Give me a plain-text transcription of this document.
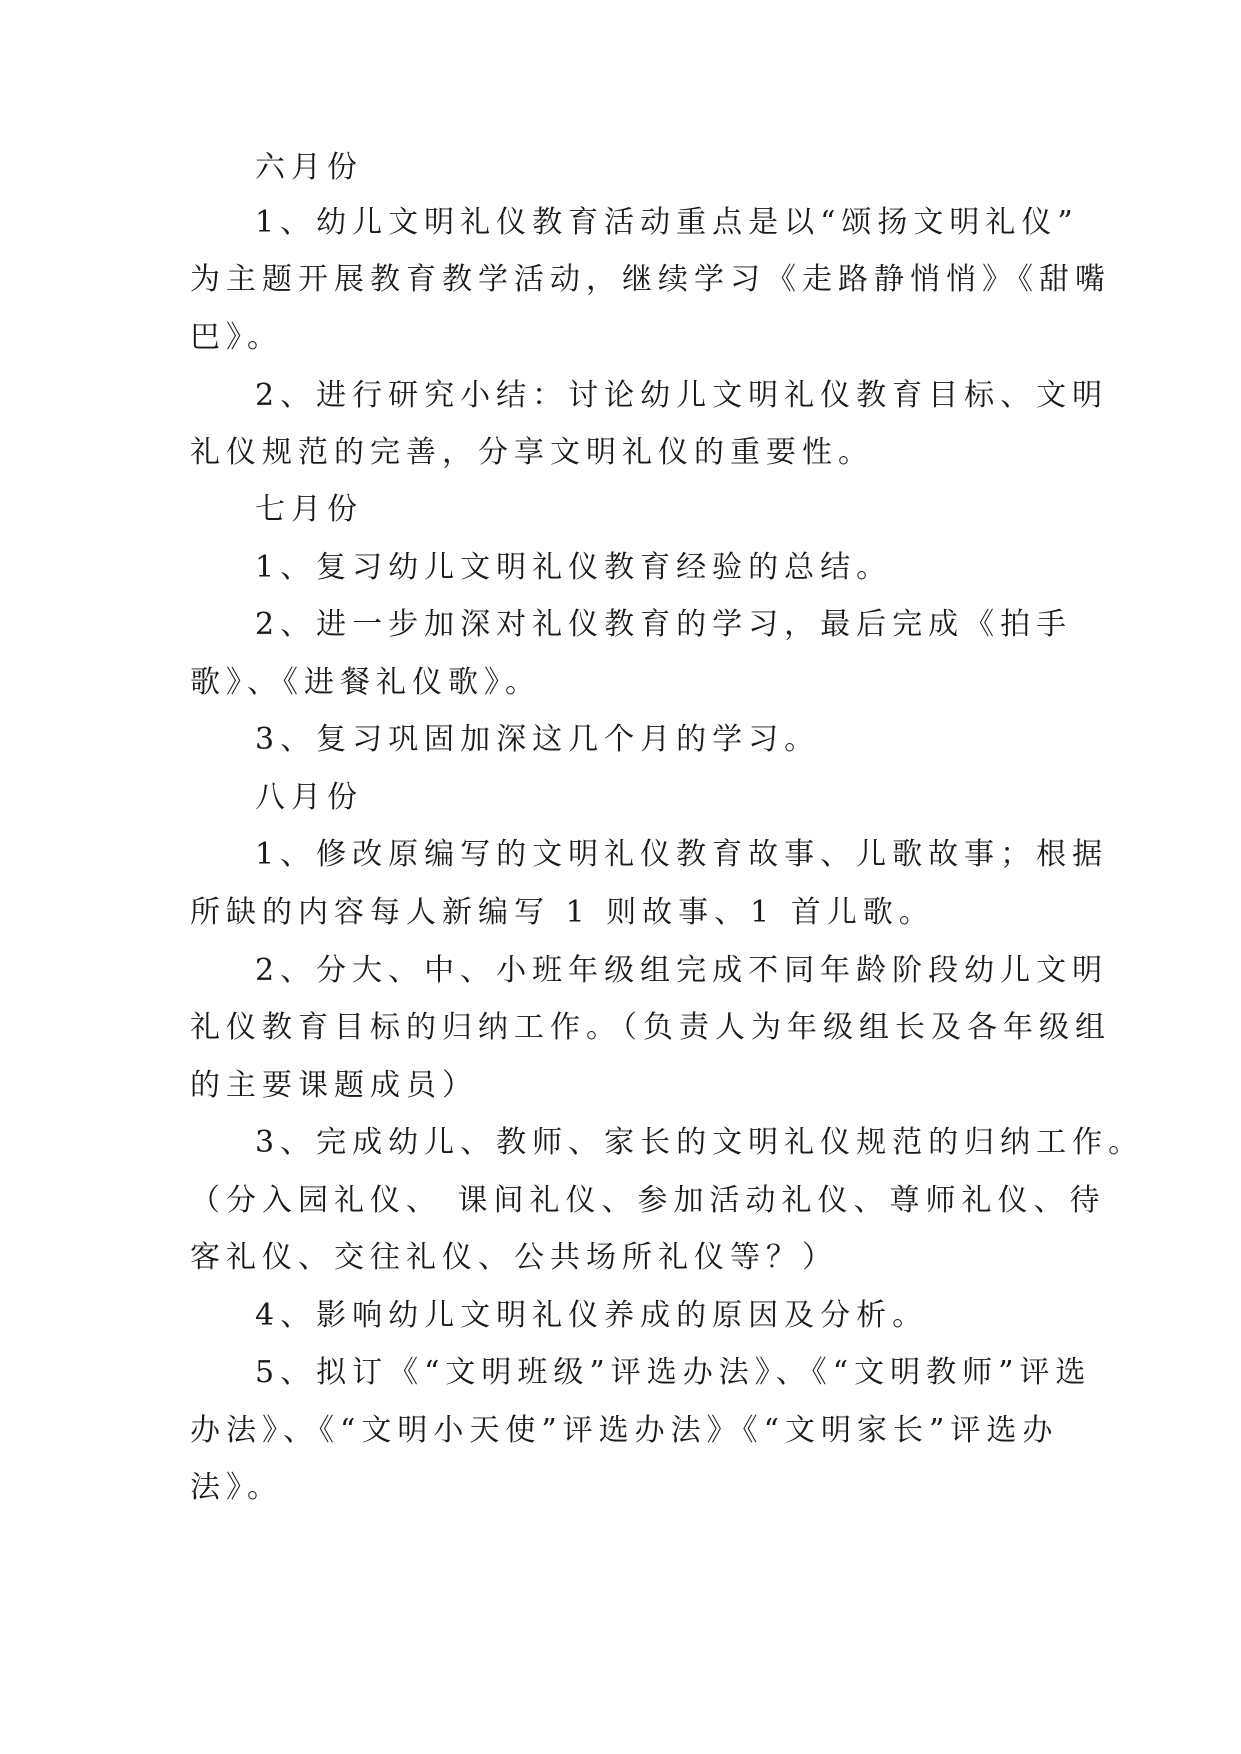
六月份
1、幼儿文明礼仪教育活动重点是以“颂扬文明礼仪”
为主题开展教育教学活动，继续学习《走路静悄悄》《甜嘴
巴》。
2、进行研究小结：讨论幼儿文明礼仪教育目标、文明
礼仪规范的完善，分享文明礼仪的重要性。
七月份
1、复习幼儿文明礼仪教育经验的总结。
2、进一步加深对礼仪教育的学习，最后完成《拍手
歌》、《进餐礼仪歌》。
3、复习巩固加深这几个月的学习。
八月份
1、修改原编写的文明礼仪教育故事、儿歌故事；根据
所缺的内容每人新编写 1 则故事、1 首儿歌。
2、分大、中、小班年级组完成不同年龄阶段幼儿文明
礼仪教育目标的归纳工作。（负责人为年级组长及各年级组
的主要课题成员）
3、完成幼儿、教师、家长的文明礼仪规范的归纳工作。
（分入园礼仪、 课间礼仪、参加活动礼仪、尊师礼仪、待
客礼仪、交往礼仪、公共场所礼仪等？）
4、影响幼儿文明礼仪养成的原因及分析。
5、拟订《“文明班级”评选办法》、《“文明教师”评选
办法》、《“文明小天使”评选办法》《“文明家长”评选办
法》。
